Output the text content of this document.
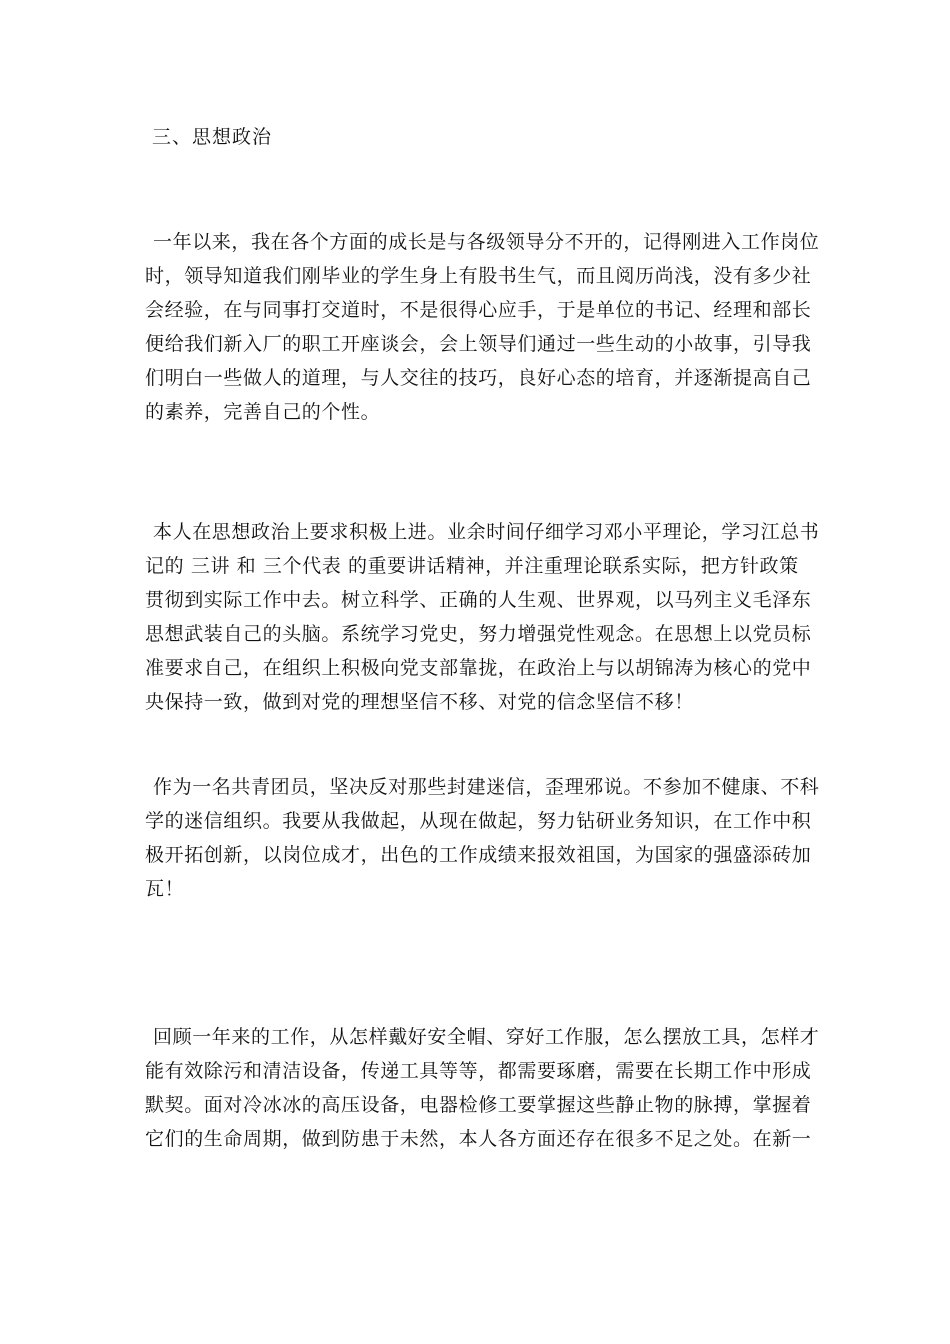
三、思想政治
一年以来，我在各个方面的成长是与各级领导分不开的，记得刚进入工作岗位
时，领导知道我们刚毕业的学生身上有股书生气，而且阅历尚浅，没有多少社
会经验，在与同事打交道时，不是很得心应手，于是单位的书记、经理和部长
便给我们新入厂的职工开座谈会，会上领导们通过一些生动的小故事，引导我
们明白一些做人的道理，与人交往的技巧，良好心态的培育，并逐渐提高自己
的素养，完善自己的个性。
本人在思想政治上要求积极上进。业余时间仔细学习邓小平理论，学习江总书
记的 三讲 和 三个代表 的重要讲话精神，并注重理论联系实际，把方针政策
贯彻到实际工作中去。树立科学、正确的人生观、世界观，以马列主义毛泽东
思想武装自己的头脑。系统学习党史，努力增强党性观念。在思想上以党员标
准要求自己，在组织上积极向党支部靠拢，在政治上与以胡锦涛为核心的党中
央保持一致，做到对党的理想坚信不移、对党的信念坚信不移！
作为一名共青团员，坚决反对那些封建迷信，歪理邪说。不参加不健康、不科
学的迷信组织。我要从我做起，从现在做起，努力钻研业务知识，在工作中积
极开拓创新，以岗位成才，出色的工作成绩来报效祖国，为国家的强盛添砖加
瓦！
回顾一年来的工作，从怎样戴好安全帽、穿好工作服，怎么摆放工具，怎样才
能有效除污和清洁设备，传递工具等等，都需要琢磨，需要在长期工作中形成
默契。面对冷冰冰的高压设备，电器检修工要掌握这些静止物的脉搏，掌握着
它们的生命周期，做到防患于未然，本人各方面还存在很多不足之处。在新一
